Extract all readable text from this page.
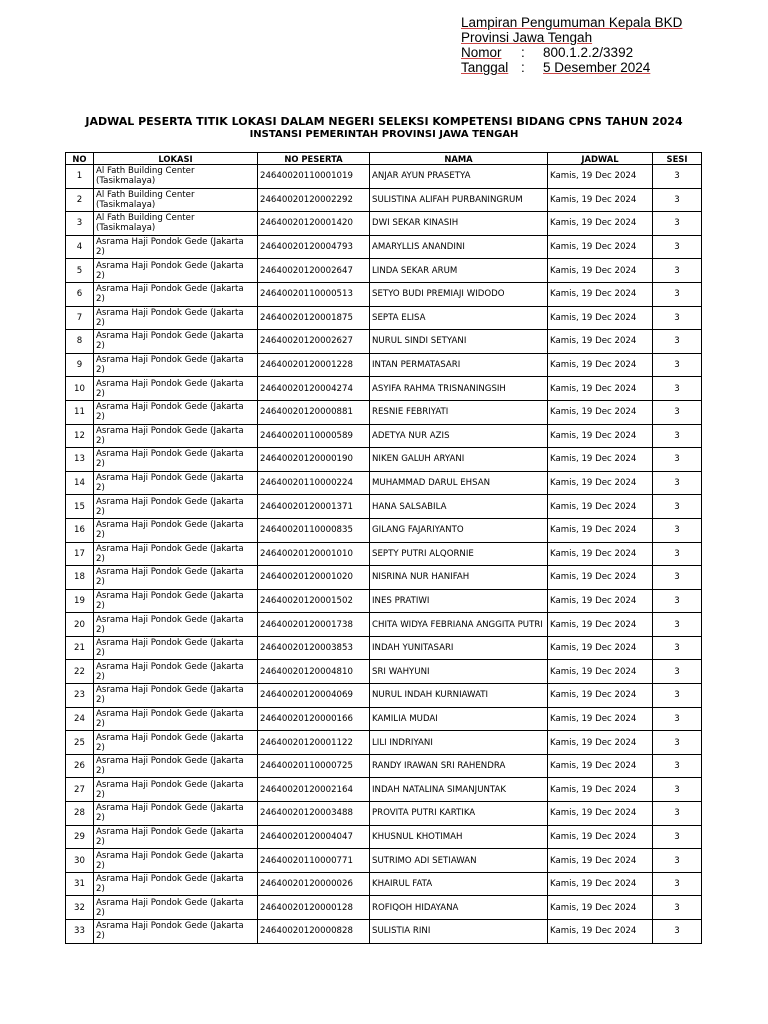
Lampiran Pengumuman Kepala BKD
Provinsi Jawa Tengah
Nomor	:	800.1.2.2/3392
Tanggal :	5 Desember 2024
JADWAL PESERTA TITIK LOKASI DALAM NEGERI SELEKSI KOMPETENSI BIDANG CPNS TAHUN 2024
INSTANSI PEMERINTAH PROVINSI JAWA TENGAH
NO	LOKASI	NO PESERTA	NAMA	JADWAL	SESI
1	Al Fath Building Center (Tasikmalaya)	24640020110001019	ANJAR AYUN PRASETYA	Kamis, 19 Dec 2024	3
2	Al Fath Building Center (Tasikmalaya)	24640020120002292	SULISTINA ALIFAH PURBANINGRUM	Kamis, 19 Dec 2024	3
3	Al Fath Building Center (Tasikmalaya)	24640020120001420	DWI SEKAR KINASIH	Kamis, 19 Dec 2024	3
4	Asrama Haji Pondok Gede (Jakarta 2)	24640020120004793	AMARYLLIS ANANDINI	Kamis, 19 Dec 2024	3
5	Asrama Haji Pondok Gede (Jakarta 2)	24640020120002647	LINDA SEKAR ARUM	Kamis, 19 Dec 2024	3
6	Asrama Haji Pondok Gede (Jakarta 2)	24640020110000513	SETYO BUDI PREMIAJI WIDODO	Kamis, 19 Dec 2024	3
7	Asrama Haji Pondok Gede (Jakarta 2)	24640020120001875	SEPTA ELISA	Kamis, 19 Dec 2024	3
8	Asrama Haji Pondok Gede (Jakarta 2)	24640020120002627	NURUL SINDI SETYANI	Kamis, 19 Dec 2024	3
9	Asrama Haji Pondok Gede (Jakarta 2)	24640020120001228	INTAN PERMATASARI	Kamis, 19 Dec 2024	3
10	Asrama Haji Pondok Gede (Jakarta 2)	24640020120004274	ASYIFA RAHMA TRISNANINGSIH	Kamis, 19 Dec 2024	3
11	Asrama Haji Pondok Gede (Jakarta 2)	24640020120000881	RESNIE FEBRIYATI	Kamis, 19 Dec 2024	3
12	Asrama Haji Pondok Gede (Jakarta 2)	24640020110000589	ADETYA NUR AZIS	Kamis, 19 Dec 2024	3
13	Asrama Haji Pondok Gede (Jakarta 2)	24640020120000190	NIKEN GALUH ARYANI	Kamis, 19 Dec 2024	3
14	Asrama Haji Pondok Gede (Jakarta 2)	24640020110000224	MUHAMMAD DARUL EHSAN	Kamis, 19 Dec 2024	3
15	Asrama Haji Pondok Gede (Jakarta 2)	24640020120001371	HANA SALSABILA	Kamis, 19 Dec 2024	3
16	Asrama Haji Pondok Gede (Jakarta 2)	24640020110000835	GILANG FAJARIYANTO	Kamis, 19 Dec 2024	3
17	Asrama Haji Pondok Gede (Jakarta 2)	24640020120001010	SEPTY PUTRI ALQORNIE	Kamis, 19 Dec 2024	3
18	Asrama Haji Pondok Gede (Jakarta 2)	24640020120001020	NISRINA NUR HANIFAH	Kamis, 19 Dec 2024	3
19	Asrama Haji Pondok Gede (Jakarta 2)	24640020120001502	INES PRATIWI	Kamis, 19 Dec 2024	3
20	Asrama Haji Pondok Gede (Jakarta 2)	24640020120001738	CHITA WIDYA FEBRIANA ANGGITA PUTRI	Kamis, 19 Dec 2024	3
21	Asrama Haji Pondok Gede (Jakarta 2)	24640020120003853	INDAH YUNITASARI	Kamis, 19 Dec 2024	3
22	Asrama Haji Pondok Gede (Jakarta 2)	24640020120004810	SRI WAHYUNI	Kamis, 19 Dec 2024	3
23	Asrama Haji Pondok Gede (Jakarta 2)	24640020120004069	NURUL INDAH KURNIAWATI	Kamis, 19 Dec 2024	3
24	Asrama Haji Pondok Gede (Jakarta 2)	24640020120000166	KAMILIA MUDAI	Kamis, 19 Dec 2024	3
25	Asrama Haji Pondok Gede (Jakarta 2)	24640020120001122	LILI INDRIYANI	Kamis, 19 Dec 2024	3
26	Asrama Haji Pondok Gede (Jakarta 2)	24640020110000725	RANDY IRAWAN SRI RAHENDRA	Kamis, 19 Dec 2024	3
27	Asrama Haji Pondok Gede (Jakarta 2)	24640020120002164	INDAH NATALINA SIMANJUNTAK	Kamis, 19 Dec 2024	3
28	Asrama Haji Pondok Gede (Jakarta 2)	24640020120003488	PROVITA PUTRI KARTIKA	Kamis, 19 Dec 2024	3
29	Asrama Haji Pondok Gede (Jakarta 2)	24640020120004047	KHUSNUL KHOTIMAH	Kamis, 19 Dec 2024	3
30	Asrama Haji Pondok Gede (Jakarta 2)	24640020110000771	SUTRIMO ADI SETIAWAN	Kamis, 19 Dec 2024	3
31	Asrama Haji Pondok Gede (Jakarta 2)	24640020120000026	KHAIRUL FATA	Kamis, 19 Dec 2024	3
32	Asrama Haji Pondok Gede (Jakarta 2)	24640020120000128	ROFIQOH HIDAYANA	Kamis, 19 Dec 2024	3
33	Asrama Haji Pondok Gede (Jakarta 2)	24640020120000828	SULISTIA RINI	Kamis, 19 Dec 2024	3
